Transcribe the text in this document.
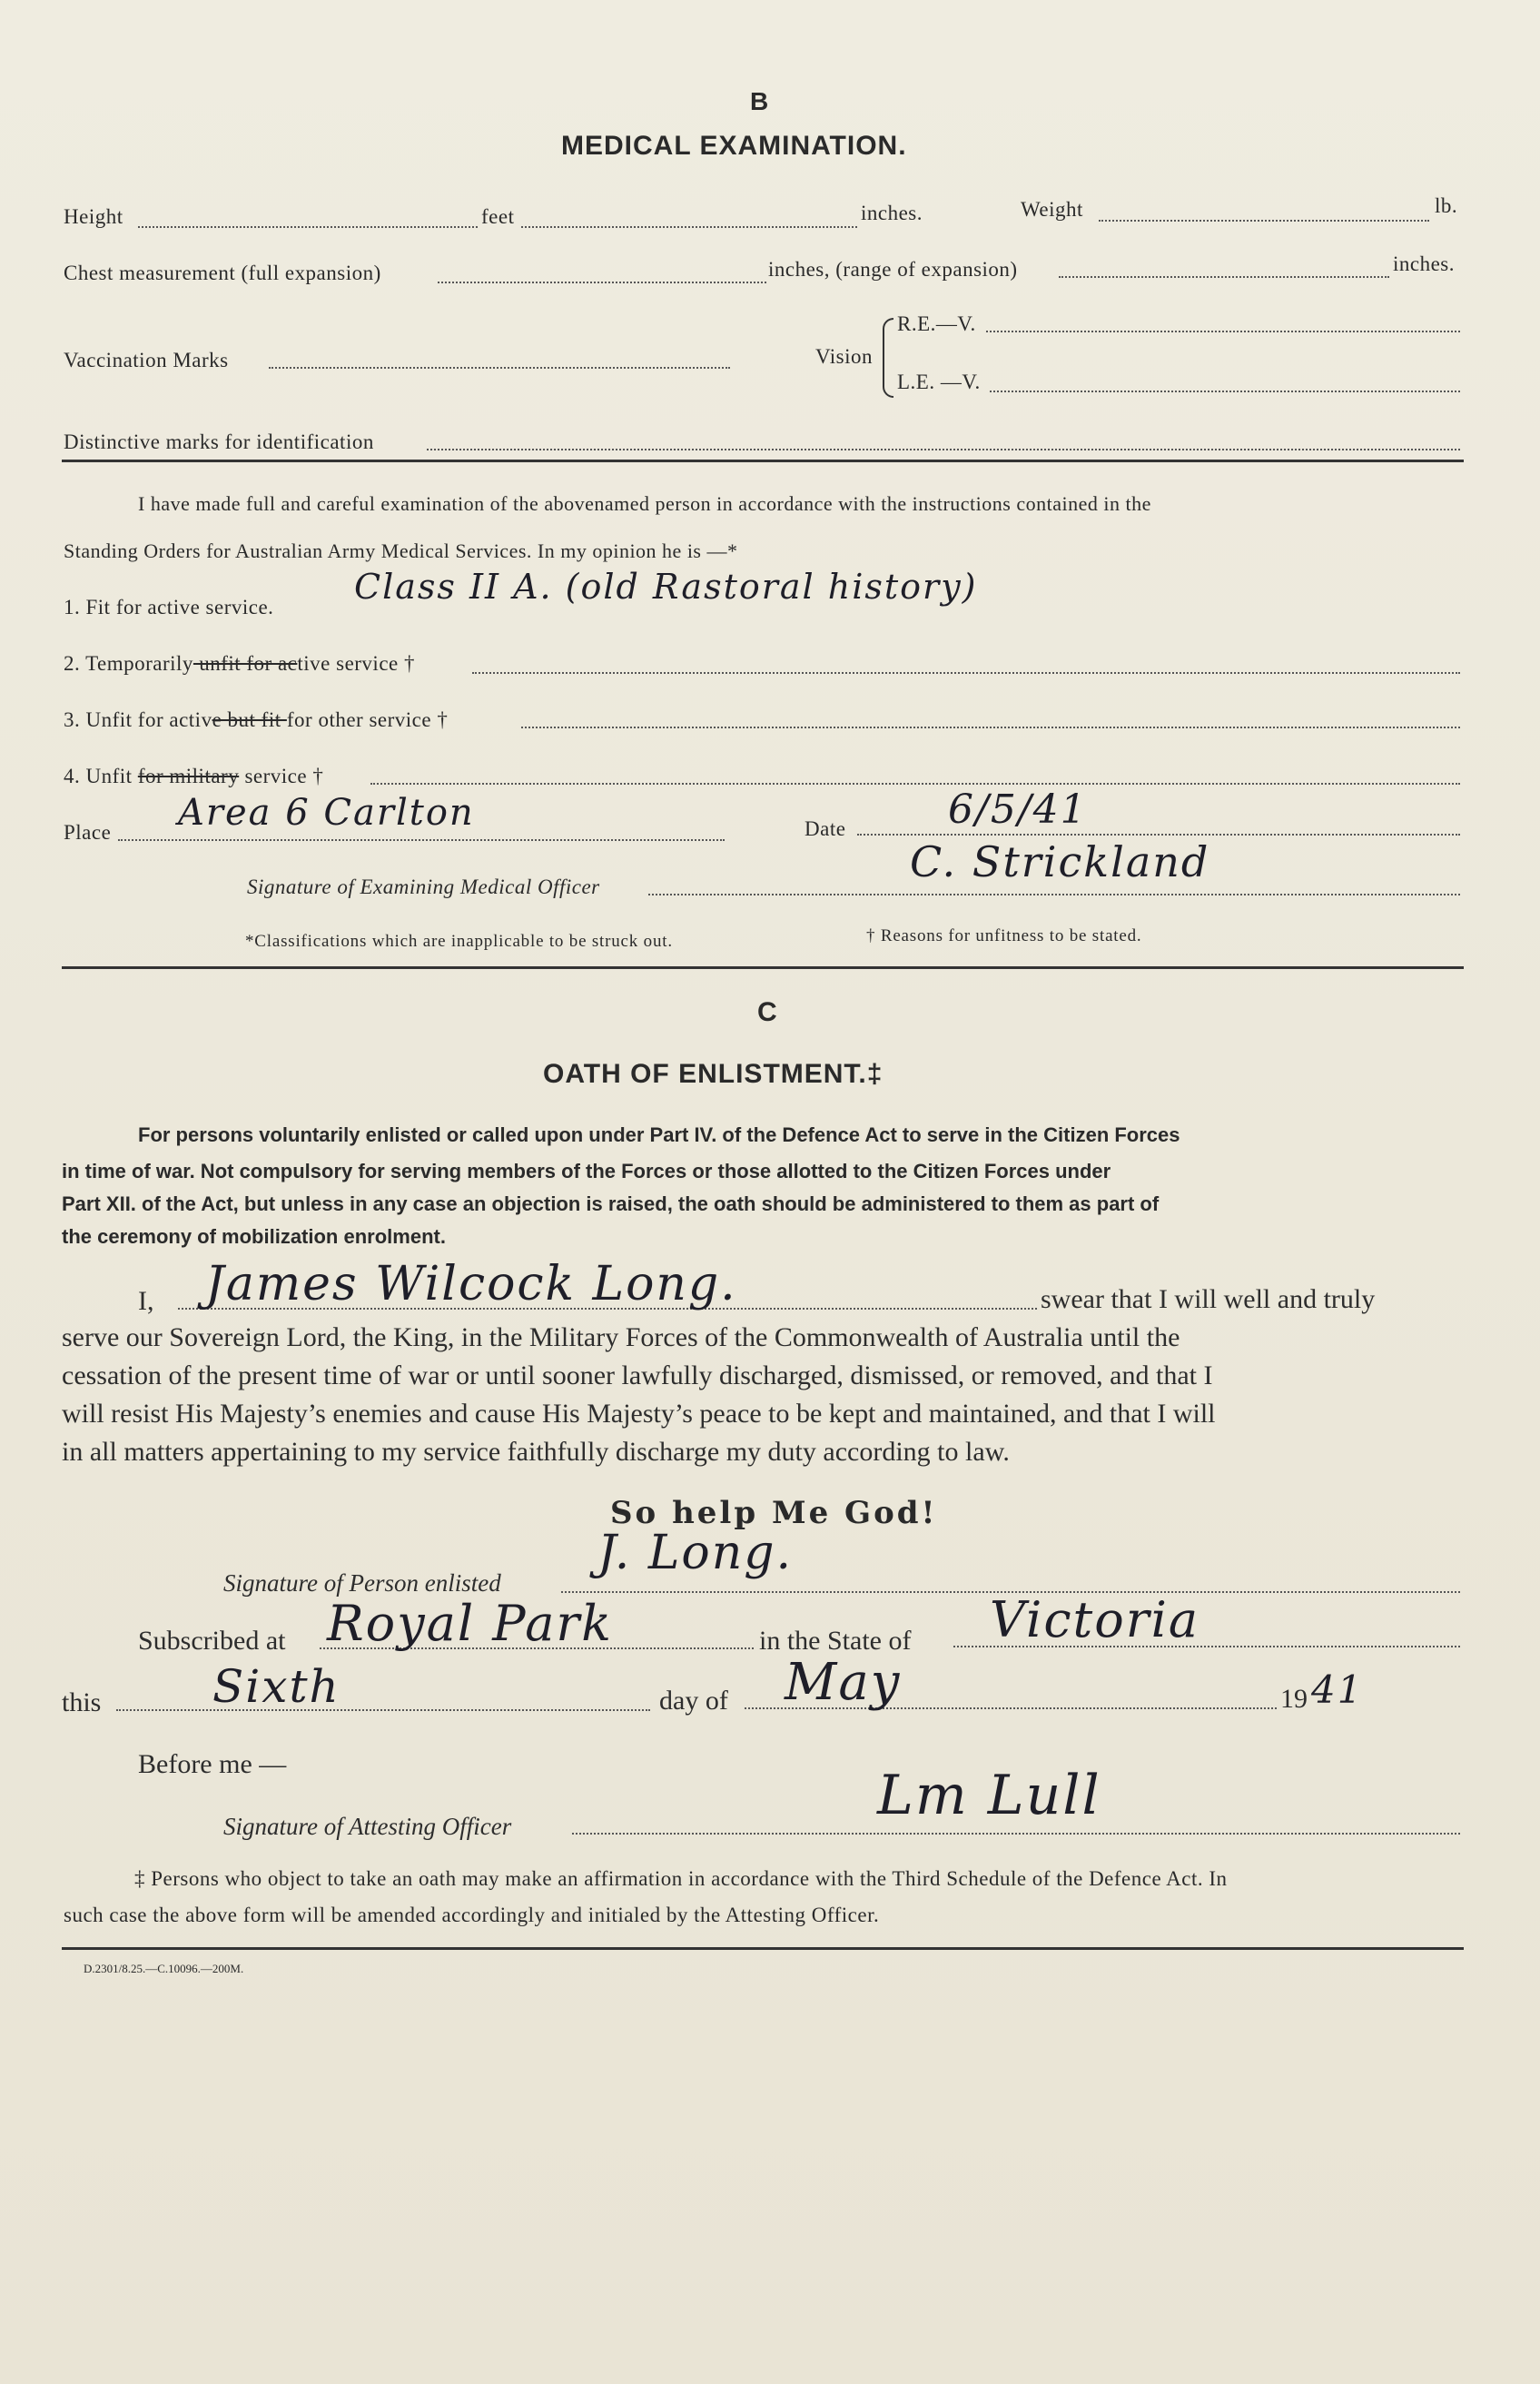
B
MEDICAL EXAMINATION.
Height	feet	inches.	Weight	lb.
Chest measurement (full expansion)	inches, (range of expansion)	inches.
Vaccination Marks	Vision
R.E.—V.
L.E. —V.
Distinctive marks for identification
I have made full and careful examination of the abovenamed person in accordance with the instructions contained in the
Standing Orders for Australian Army Medical Services. In my opinion he is —*
1. Fit for active service.
Class II A. (old Rastoral history)
2. Temporarily unfit for active service †
3. Unfit for active but fit for other service †
4. Unfit for military service †
Place Area 6 Carlton	Date	6/5/41
Signature of Examining Medical Officer
C. Strickland
*Classifications which are inapplicable to be struck out.	† Reasons for unfitness to be stated.
C
OATH OF ENLISTMENT.‡
For persons voluntarily enlisted or called upon under Part IV. of the Defence Act to serve in the Citizen Forces
in time of war. Not compulsory for serving members of the Forces or those allotted to the Citizen Forces under
Part XII. of the Act, but unless in any case an objection is raised, the oath should be administered to them as part of
the ceremony of mobilization enrolment.
I, James Wilcock Long.	swear that I will well and truly
serve our Sovereign Lord, the King, in the Military Forces of the Commonwealth of Australia until the
cessation of the present time of war or until sooner lawfully discharged, dismissed, or removed, and that I
will resist His Majesty’s enemies and cause His Majesty’s peace to be kept and maintained, and that I will
in all matters appertaining to my service faithfully discharge my duty according to law.
So help Me God!
Signature of Person enlisted
J. Long.
Subscribed at Royal Park	in the State of Victoria
this Sixth	day of May	19 41
Before me —
Signature of Attesting Officer	Lm Lull
‡ Persons who object to take an oath may make an affirmation in accordance with the Third Schedule of the Defence Act. In
such case the above form will be amended accordingly and initialed by the Attesting Officer.
D.2301/8.25.—C.10096.—200M.
